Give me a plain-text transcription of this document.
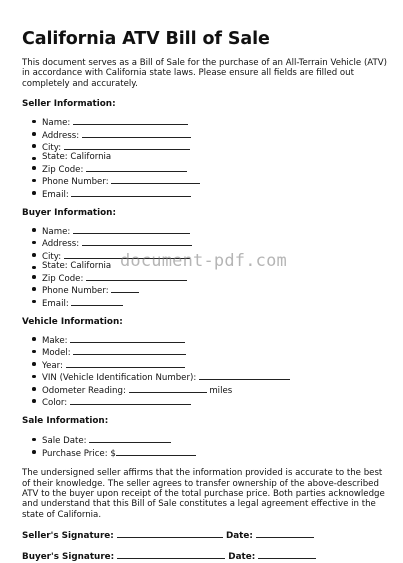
California ATV Bill of Sale

This document serves as a Bill of Sale for the purchase of an All-Terrain Vehicle (ATV) in accordance with California state laws. Please ensure all fields are filled out completely and accurately.

Seller Information:

Name:
Address:
City:
State: California
Zip Code:
Phone Number:
Email:

Buyer Information:

Name:
Address:
City:
State: California
Zip Code:
Phone Number:
Email:

Vehicle Information:

Make:
Model:
Year:
VIN (Vehicle Identification Number):
Odometer Reading:	miles
Color:

Sale Information:

Sale Date:
Purchase Price: $

The undersigned seller affirms that the information provided is accurate to the best of their knowledge. The seller agrees to transfer ownership of the above-described ATV to the buyer upon receipt of the total purchase price. Both parties acknowledge and understand that this Bill of Sale constitutes a legal agreement effective in the state of California.

Seller's Signature:	Date:
Buyer's Signature:	Date:
document-pdf.com
